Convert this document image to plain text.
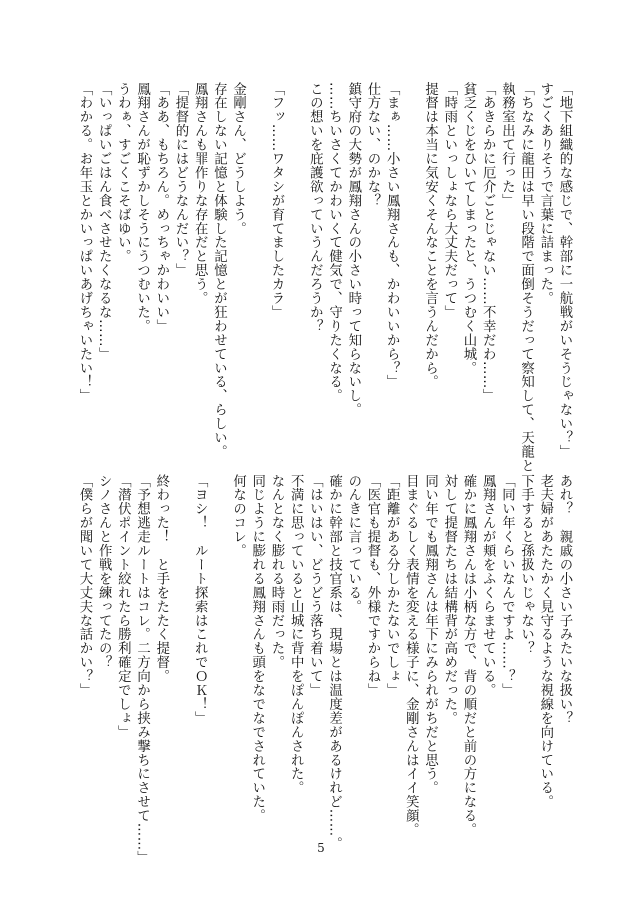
「地下組織的な感じで、幹部に一航戦がいそうじゃない？」
すごくありそうで言葉に詰まった。
「ちなみに龍田は早い段階で面倒そうだって察知して、天龍と
執務室出て行った」
「あきらかに厄介ごとじゃない……不幸だわ……」
貧乏くじをひいてしまったと、うつむく山城。
「時雨といっしょなら大丈夫だって」
提督は本当に気安くそんなことを言うんだから。
「まぁ……小さい鳳翔さんも、かわいいから？」
仕方ない、のかな？
鎮守府の大勢が鳳翔さんの小さい時って知らないし。
……ちいさくてかわいくて健気で、守りたくなる。
この想いを庇護欲っていうんだろうか？
「フッ……ワタシが育てましたカラ」
金剛さん、どうしよう。
存在しない記憶と体験した記憶とが狂わせている、らしい。
鳳翔さんも罪作りな存在だと思う。
「提督的にはどうなんだい？」
「ああ、もちろん。めっちゃかわいい」
鳳翔さんが恥ずかしそうにうつむいた。
うわぁ、すごくこそばゆい。
「いっぱいごはん食べさせたくなるな……」
「わかる。お年玉とかいっぱいあげちゃいたい！」
あれ？　親戚の小さい子みたいな扱い？
老夫婦があたたかく見守るような視線を向けている。
下手すると孫扱いじゃない？
「同い年くらいなんですよ……？」
鳳翔さんが頬をふくらませている。
確かに鳳翔さんは小柄な方で、背の順だと前の方になる。
対して提督たちは結構背が高めだった。
同い年でも鳳翔さんは年下にみられがちだと思う。
目まぐるしく表情を変える様子に、金剛さんはイイ笑顔。
「距離がある分しかたないでしょ」
「医官も提督も、外様ですからね」
のんきに言っている。
確かに幹部と技官系は、現場とは温度差があるけれど……。
「はいはい、どうどう落ち着いて」
不満に思っていると山城に背中をぽんぽんされた。
なんとなく膨れる時雨だった。
同じように膨れる鳳翔さんも頭をなでなでされていた。
何なのコレ。
「ヨシ！　ルート探索はこれでＯＫ！」
終わった！　と手をたたく提督。
「予想逃走ルートはコレ。二方向から挟み撃ちにさせて……」
「潜伏ポイント絞れたら勝利確定でしょ」
シノさんと作戦を練ってたの？
「僕らが聞いて大丈夫な話かい？」
5
